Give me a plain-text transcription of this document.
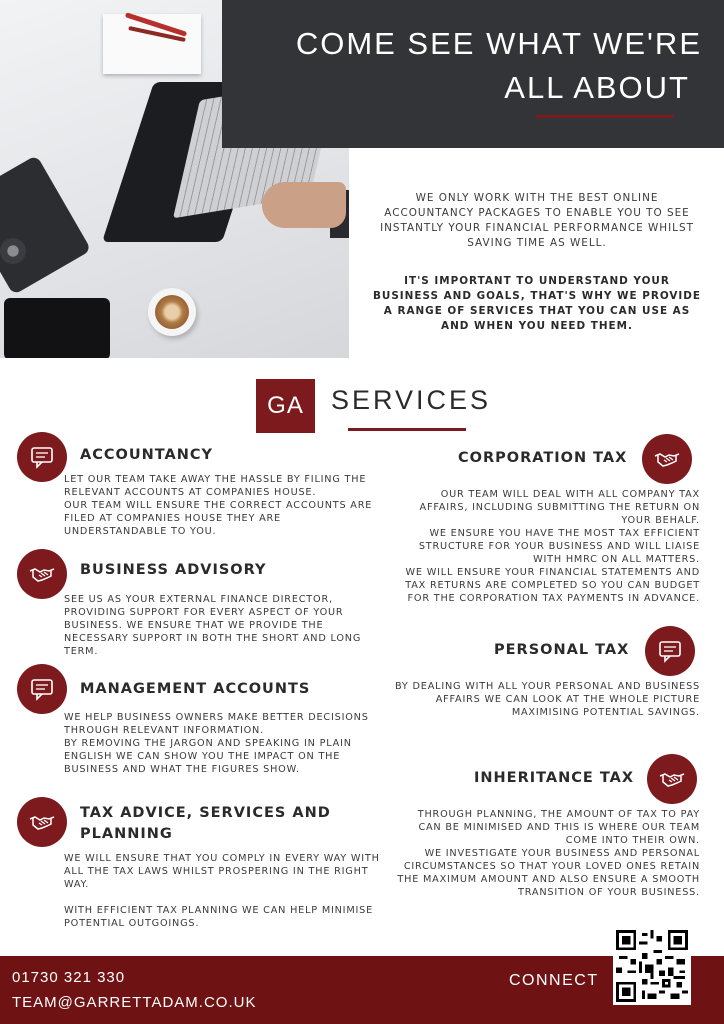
COME SEE WHAT WE'RE
ALL ABOUT
WE ONLY WORK WITH THE BEST ONLINE ACCOUNTANCY PACKAGES TO ENABLE YOU TO SEE INSTANTLY YOUR FINANCIAL PERFORMANCE WHILST SAVING TIME AS WELL.
IT'S IMPORTANT TO UNDERSTAND YOUR BUSINESS AND GOALS, THAT'S WHY WE PROVIDE A RANGE OF SERVICES THAT YOU CAN USE AS AND WHEN YOU NEED THEM.
GA	SERVICES
ACCOUNTANCY

LET OUR TEAM TAKE AWAY THE HASSLE BY FILING THE RELEVANT ACCOUNTS AT COMPANIES HOUSE.

OUR TEAM WILL ENSURE THE CORRECT ACCOUNTS ARE FILED AT COMPANIES HOUSE THEY ARE UNDERSTANDABLE TO YOU.

BUSINESS ADVISORY

SEE US AS YOUR EXTERNAL FINANCE DIRECTOR, PROVIDING SUPPORT FOR EVERY ASPECT OF YOUR BUSINESS. WE ENSURE THAT WE PROVIDE THE NECESSARY SUPPORT IN BOTH THE SHORT AND LONG TERM.

MANAGEMENT ACCOUNTS

WE HELP BUSINESS OWNERS MAKE BETTER DECISIONS THROUGH RELEVANT INFORMATION.

BY REMOVING THE JARGON AND SPEAKING IN PLAIN ENGLISH WE CAN SHOW YOU THE IMPACT ON THE BUSINESS AND WHAT THE FIGURES SHOW.

TAX ADVICE, SERVICES AND
PLANNING

WE WILL ENSURE THAT YOU COMPLY IN EVERY WAY WITH ALL THE TAX LAWS WHILST PROSPERING IN THE RIGHT WAY.

WITH EFFICIENT TAX PLANNING WE CAN HELP MINIMISE POTENTIAL OUTGOINGS.

CORPORATION TAX

OUR TEAM WILL DEAL WITH ALL COMPANY TAX AFFAIRS, INCLUDING SUBMITTING THE RETURN ON YOUR BEHALF.

WE ENSURE YOU HAVE THE MOST TAX EFFICIENT STRUCTURE FOR YOUR BUSINESS AND WILL LIAISE WITH HMRC ON ALL MATTERS.

WE WILL ENSURE YOUR FINANCIAL STATEMENTS AND TAX RETURNS ARE COMPLETED SO YOU CAN BUDGET FOR THE CORPORATION TAX PAYMENTS IN ADVANCE.

PERSONAL TAX

BY DEALING WITH ALL YOUR PERSONAL AND BUSINESS AFFAIRS WE CAN LOOK AT THE WHOLE PICTURE MAXIMISING POTENTIAL SAVINGS.

INHERITANCE TAX

THROUGH PLANNING, THE AMOUNT OF TAX TO PAY CAN BE MINIMISED AND THIS IS WHERE OUR TEAM COME INTO THEIR OWN.

WE INVESTIGATE YOUR BUSINESS AND PERSONAL CIRCUMSTANCES SO THAT YOUR LOVED ONES RETAIN THE MAXIMUM AMOUNT AND ALSO ENSURE A SMOOTH TRANSITION OF YOUR BUSINESS.

01730 321 330
TEAM@GARRETTADAM.CO.UK
CONNECT
